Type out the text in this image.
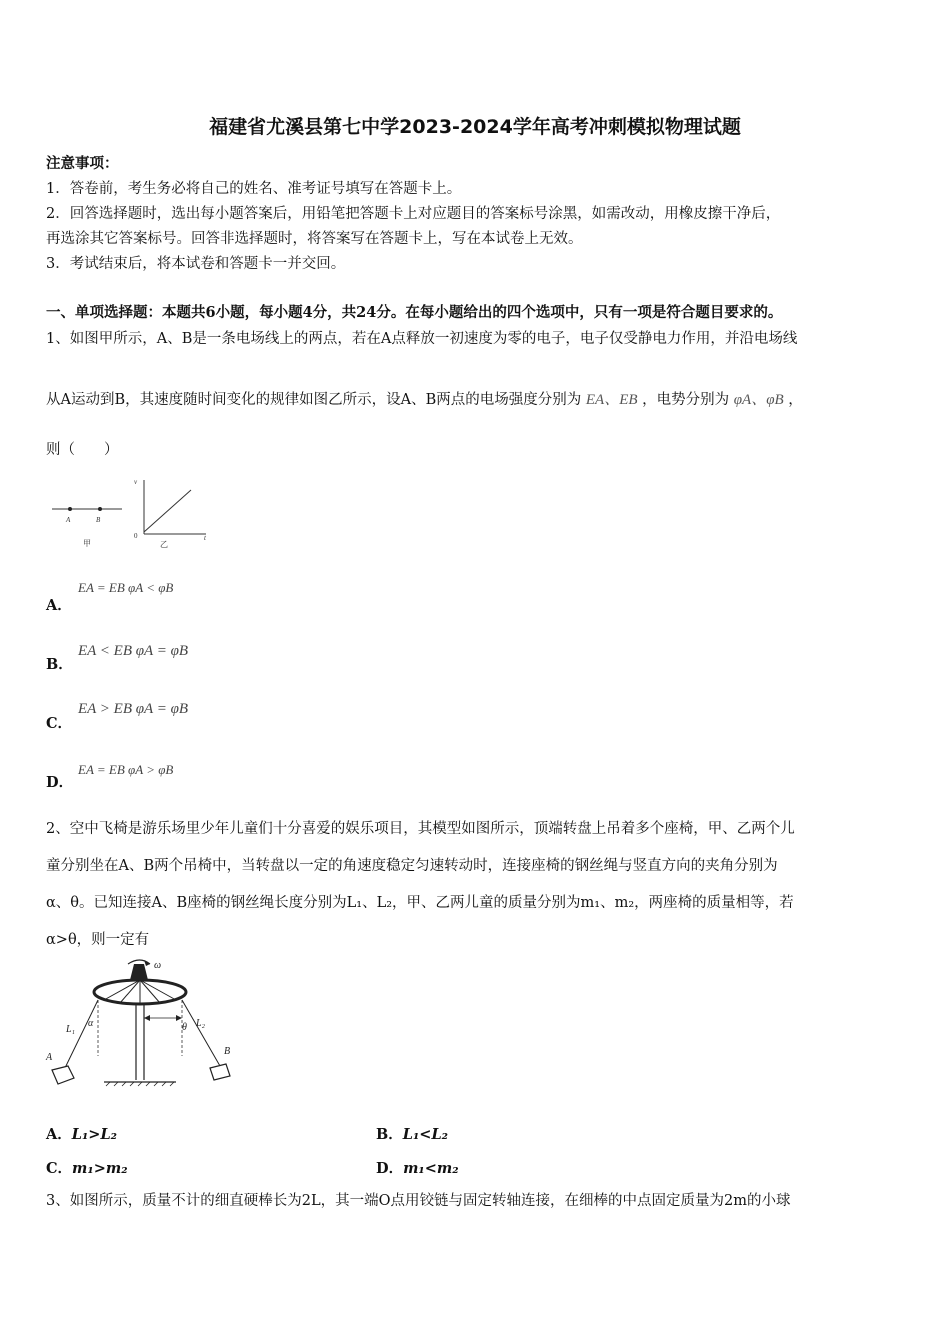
福建省尤溪县第七中学2023-2024学年高考冲刺模拟物理试题
注意事项：
1．答卷前，考生务必将自己的姓名、准考证号填写在答题卡上。
2．回答选择题时，选出每小题答案后，用铅笔把答题卡上对应题目的答案标号涂黑，如需改动，用橡皮擦干净后，
再选涂其它答案标号。回答非选择题时，将答案写在答题卡上，写在本试卷上无效。
3．考试结束后，将本试卷和答题卡一并交回。
一、单项选择题：本题共6小题，每小题4分，共24分。在每小题给出的四个选项中，只有一项是符合题目要求的。
1、如图甲所示，A、B是一条电场线上的两点，若在A点释放一初速度为零的电子，电子仅受静电力作用，并沿电场线
从A运动到B，其速度随时间变化的规律如图乙所示，设A、B两点的电场强度分别为 EA、EB ，电势分别为 φA、φB ，
则（　　）
A	B
甲
v
t
0
乙
A．
EA = EB φA < φB
B．
EA < EB φA = φB
C．
EA > EB φA = φB
D．
EA = EB φA > φB
2、空中飞椅是游乐场里少年儿童们十分喜爱的娱乐项目，其模型如图所示，顶端转盘上吊着多个座椅，甲、乙两个儿
童分别坐在A、B两个吊椅中，当转盘以一定的角速度稳定匀速转动时，连接座椅的钢丝绳与竖直方向的夹角分别为
α、θ。已知连接A、B座椅的钢丝绳长度分别为L₁、L₂，甲、乙两儿童的质量分别为m₁、m₂，两座椅的质量相等，若
α>θ，则一定有
ω
L₁
α	θ L₂
A
B
A．L₁>L₂	B．L₁<L₂
C．m₁>m₂	D．m₁<m₂
3、如图所示，质量不计的细直硬棒长为2L，其一端O点用铰链与固定转轴连接，在细棒的中点固定质量为2m的小球
